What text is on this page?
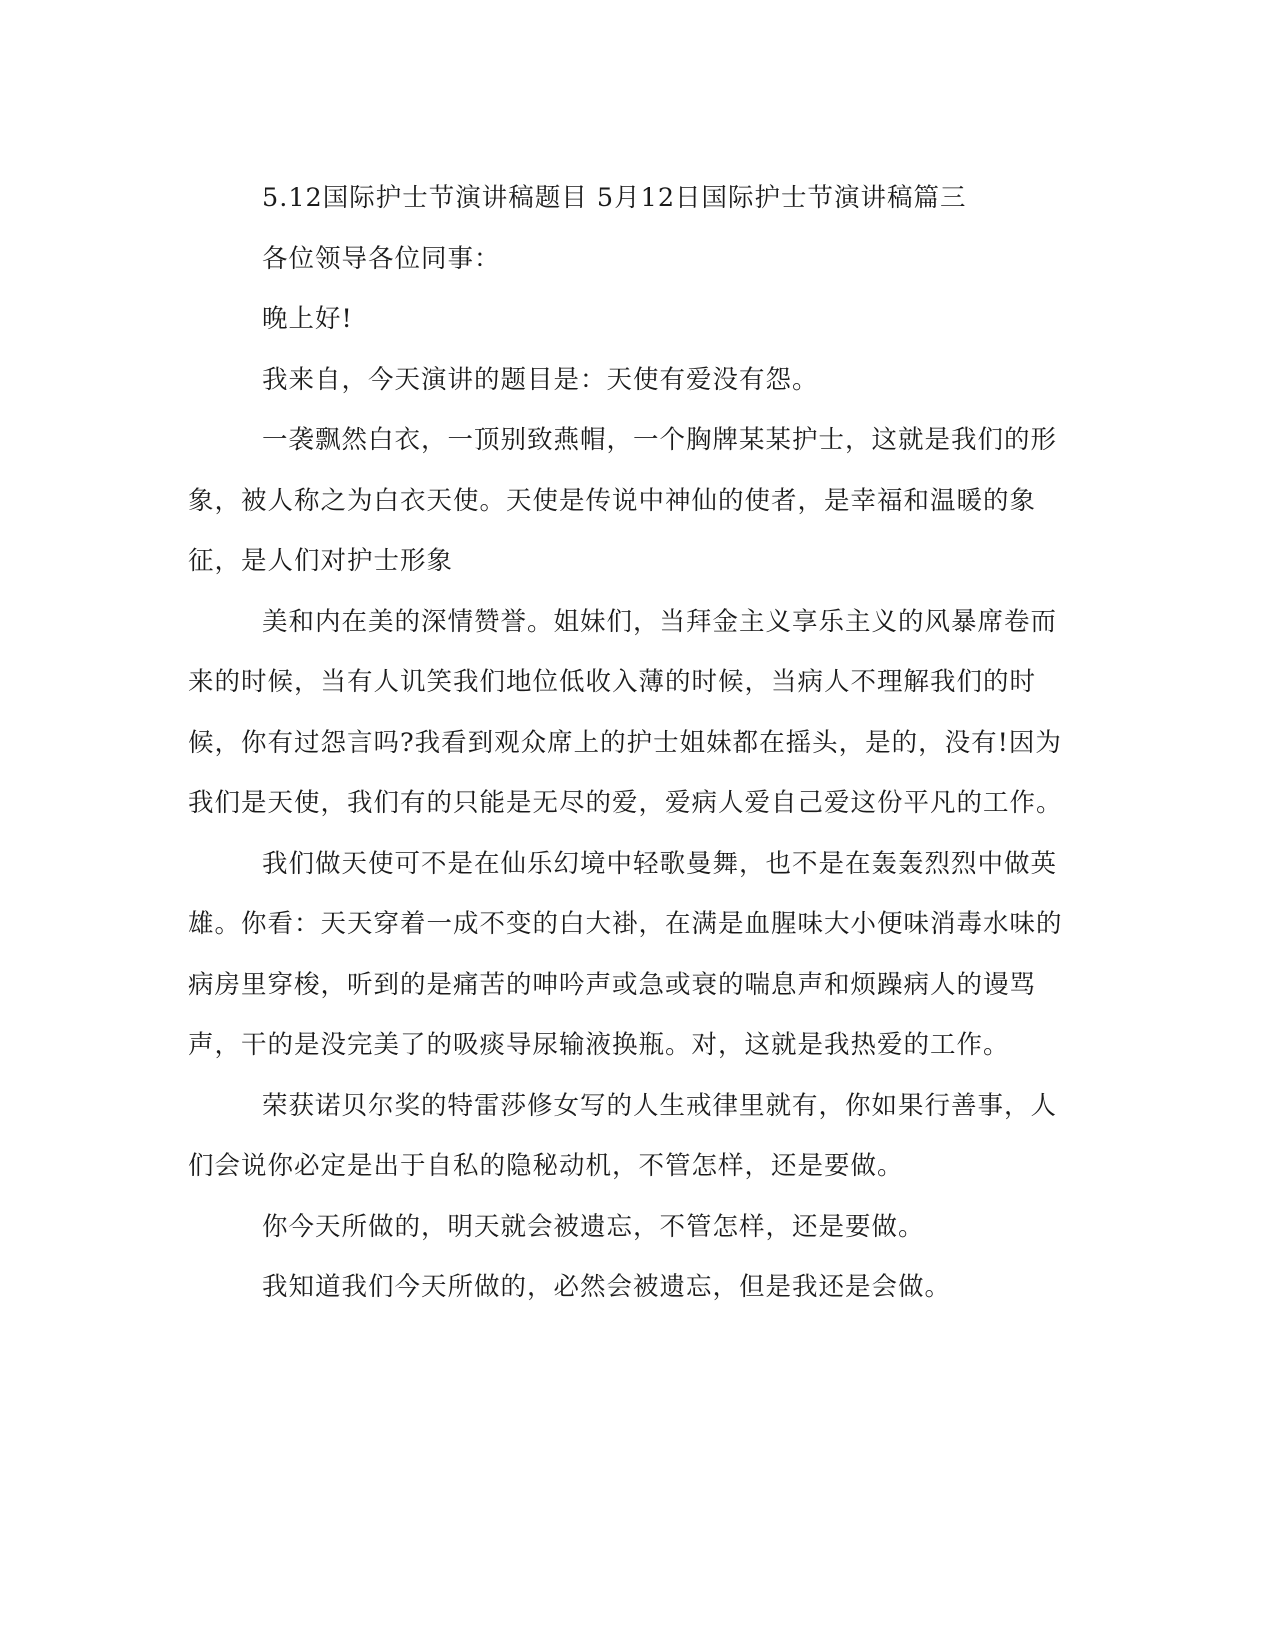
5.12国际护士节演讲稿题目 5月12日国际护士节演讲稿篇三

各位领导各位同事：

晚上好!

我来自，今天演讲的题目是：天使有爱没有怨。

一袭飘然白衣，一顶别致燕帽，一个胸牌某某护士，这就是我们的形象，被人称之为白衣天使。天使是传说中神仙的使者，是幸福和温暖的象征，是人们对护士形象

美和内在美的深情赞誉。姐妹们，当拜金主义享乐主义的风暴席卷而来的时候，当有人讥笑我们地位低收入薄的时候，当病人不理解我们的时候，你有过怨言吗?我看到观众席上的护士姐妹都在摇头，是的，没有!因为我们是天使，我们有的只能是无尽的爱，爱病人爱自己爱这份平凡的工作。

我们做天使可不是在仙乐幻境中轻歌曼舞，也不是在轰轰烈烈中做英雄。你看：天天穿着一成不变的白大褂，在满是血腥味大小便味消毒水味的病房里穿梭，听到的是痛苦的呻吟声或急或衰的喘息声和烦躁病人的谩骂声，干的是没完美了的吸痰导尿输液换瓶。对，这就是我热爱的工作。

荣获诺贝尔奖的特雷莎修女写的人生戒律里就有，你如果行善事，人们会说你必定是出于自私的隐秘动机，不管怎样，还是要做。

你今天所做的，明天就会被遗忘，不管怎样，还是要做。

我知道我们今天所做的，必然会被遗忘，但是我还是会做。
